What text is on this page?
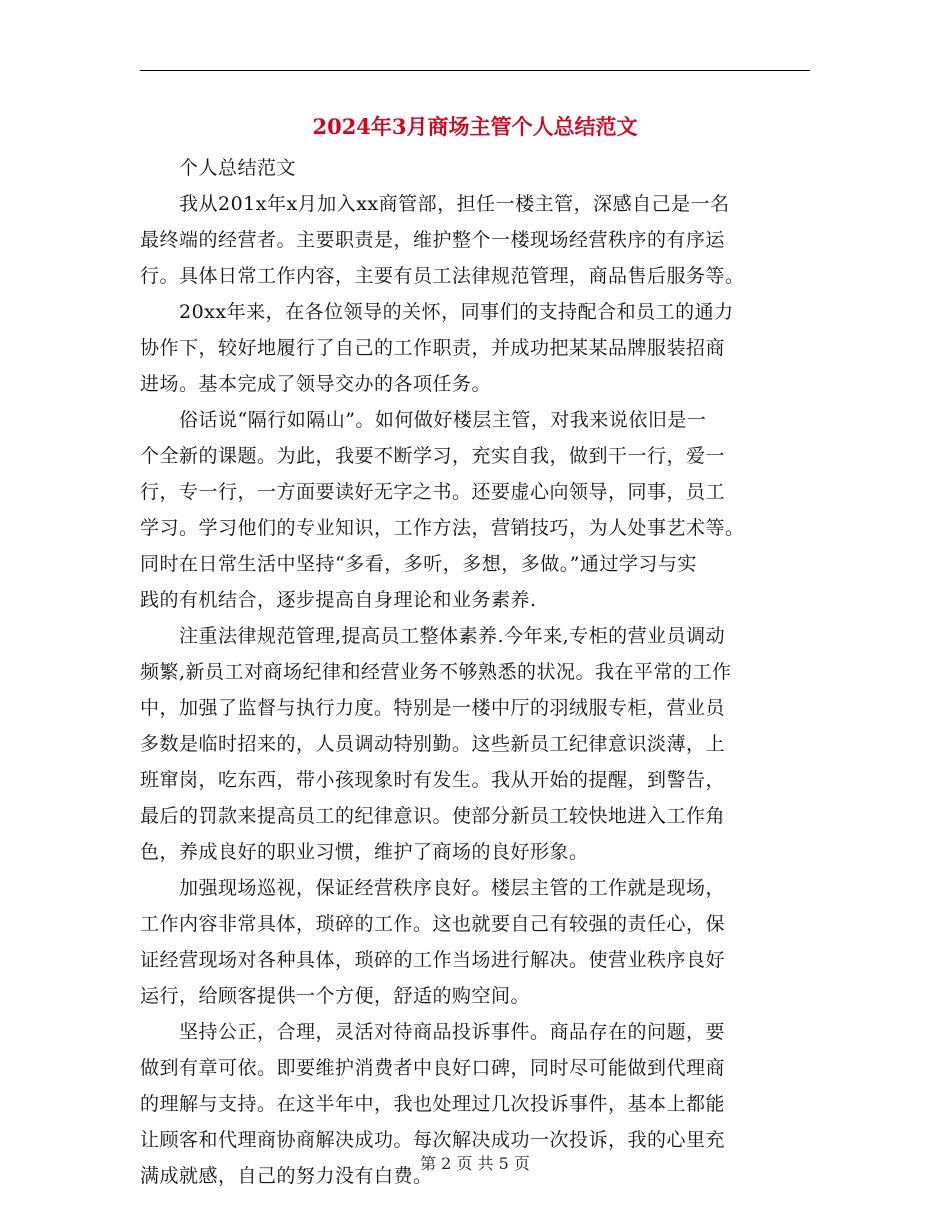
2024年3月商场主管个人总结范文
　　个人总结范文
　　我从201x年x月加入xx商管部，担任一楼主管，深感自己是一名
最终端的经营者。主要职责是，维护整个一楼现场经营秩序的有序运
行。具体日常工作内容，主要有员工法律规范管理，商品售后服务等。
　　20xx年来，在各位领导的关怀，同事们的支持配合和员工的通力
协作下，较好地履行了自己的工作职责，并成功把某某品牌服装招商
进场。基本完成了领导交办的各项任务。
　　俗话说“隔行如隔山”。如何做好楼层主管，对我来说依旧是一
个全新的课题。为此，我要不断学习，充实自我，做到干一行，爱一
行，专一行，一方面要读好无字之书。还要虚心向领导，同事，员工
学习。学习他们的专业知识，工作方法，营销技巧，为人处事艺术等。
同时在日常生活中坚持“多看，多听，多想，多做。”通过学习与实
践的有机结合，逐步提高自身理论和业务素养.
　　注重法律规范管理,提高员工整体素养.今年来,专柜的营业员调动
频繁,新员工对商场纪律和经营业务不够熟悉的状况。我在平常的工作
中，加强了监督与执行力度。特别是一楼中厅的羽绒服专柜，营业员
多数是临时招来的，人员调动特别勤。这些新员工纪律意识淡薄，上
班窜岗，吃东西，带小孩现象时有发生。我从开始的提醒，到警告，
最后的罚款来提高员工的纪律意识。使部分新员工较快地进入工作角
色，养成良好的职业习惯，维护了商场的良好形象。
　　加强现场巡视，保证经营秩序良好。楼层主管的工作就是现场，
工作内容非常具体，琐碎的工作。这也就要自己有较强的责任心，保
证经营现场对各种具体，琐碎的工作当场进行解决。使营业秩序良好
运行，给顾客提供一个方便，舒适的购空间。
　　坚持公正，合理，灵活对待商品投诉事件。商品存在的问题，要
做到有章可依。即要维护消费者中良好口碑，同时尽可能做到代理商
的理解与支持。在这半年中，我也处理过几次投诉事件，基本上都能
让顾客和代理商协商解决成功。每次解决成功一次投诉，我的心里充
满成就感，自己的努力没有白费。
第 2 页 共 5 页
